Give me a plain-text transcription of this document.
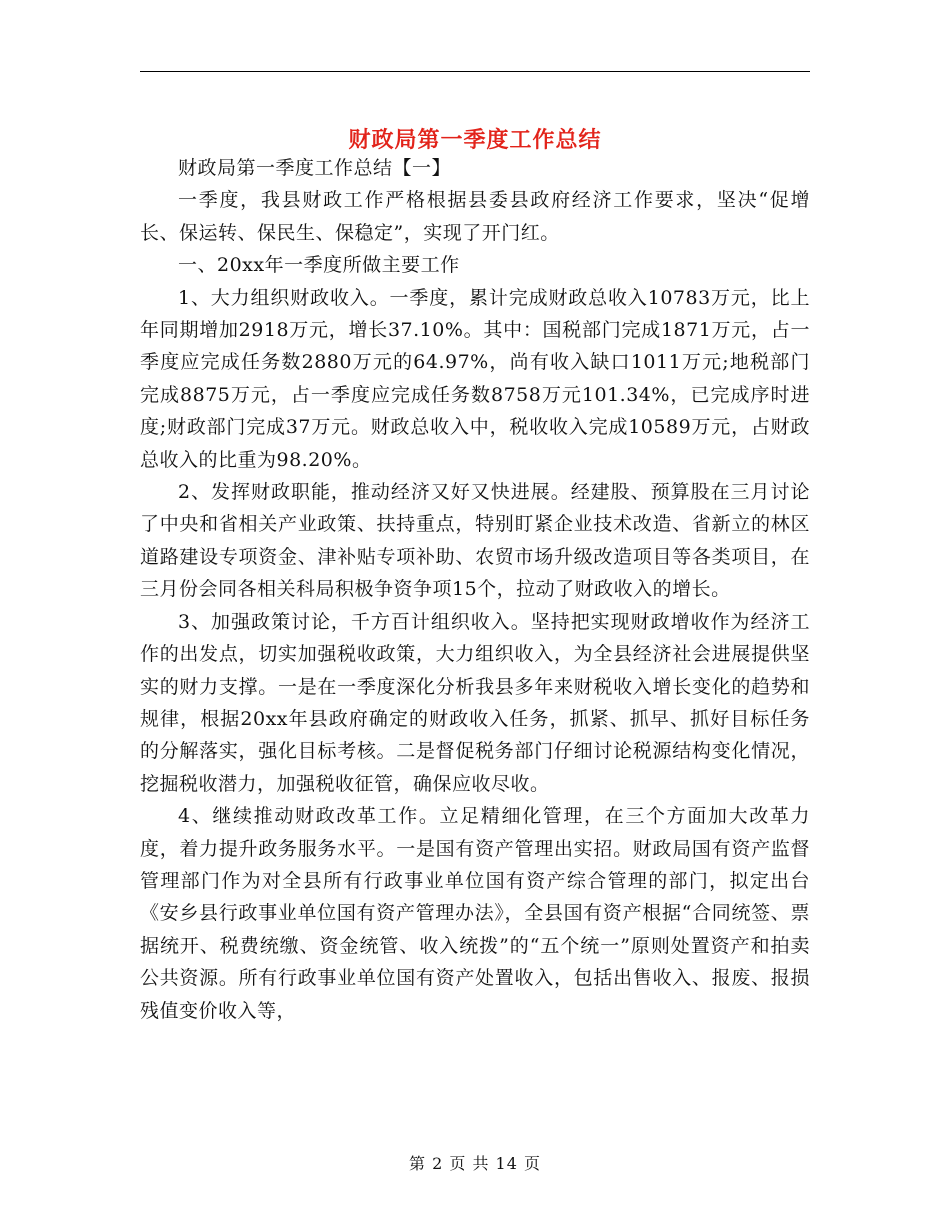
财政局第一季度工作总结

财政局第一季度工作总结【一】

一季度，我县财政工作严格根据县委县政府经济工作要求，坚决“促增长、保运转、保民生、保稳定”，实现了开门红。

一、20xx年一季度所做主要工作

1、大力组织财政收入。一季度，累计完成财政总收入10783万元，比上年同期增加2918万元，增长37.10%。其中：国税部门完成1871万元，占一季度应完成任务数2880万元的64.97%，尚有收入缺口1011万元;地税部门完成8875万元，占一季度应完成任务数8758万元101.34%，已完成序时进度;财政部门完成37万元。财政总收入中，税收收入完成10589万元，占财政总收入的比重为98.20%。

2、发挥财政职能，推动经济又好又快进展。经建股、预算股在三月讨论了中央和省相关产业政策、扶持重点，特别盯紧企业技术改造、省新立的林区道路建设专项资金、津补贴专项补助、农贸市场升级改造项目等各类项目，在三月份会同各相关科局积极争资争项15个，拉动了财政收入的增长。

3、加强政策讨论，千方百计组织收入。坚持把实现财政增收作为经济工作的出发点，切实加强税收政策，大力组织收入，为全县经济社会进展提供坚实的财力支撑。一是在一季度深化分析我县多年来财税收入增长变化的趋势和规律，根据20xx年县政府确定的财政收入任务，抓紧、抓早、抓好目标任务的分解落实，强化目标考核。二是督促税务部门仔细讨论税源结构变化情况，挖掘税收潜力，加强税收征管，确保应收尽收。

4、继续推动财政改革工作。立足精细化管理，在三个方面加大改革力度，着力提升政务服务水平。一是国有资产管理出实招。财政局国有资产监督管理部门作为对全县所有行政事业单位国有资产综合管理的部门，拟定出台《安乡县行政事业单位国有资产管理办法》，全县国有资产根据“合同统签、票据统开、税费统缴、资金统管、收入统拨”的“五个统一”原则处置资产和拍卖公共资源。所有行政事业单位国有资产处置收入，包括出售收入、报废、报损残值变价收入等，

第 2 页 共 14 页
